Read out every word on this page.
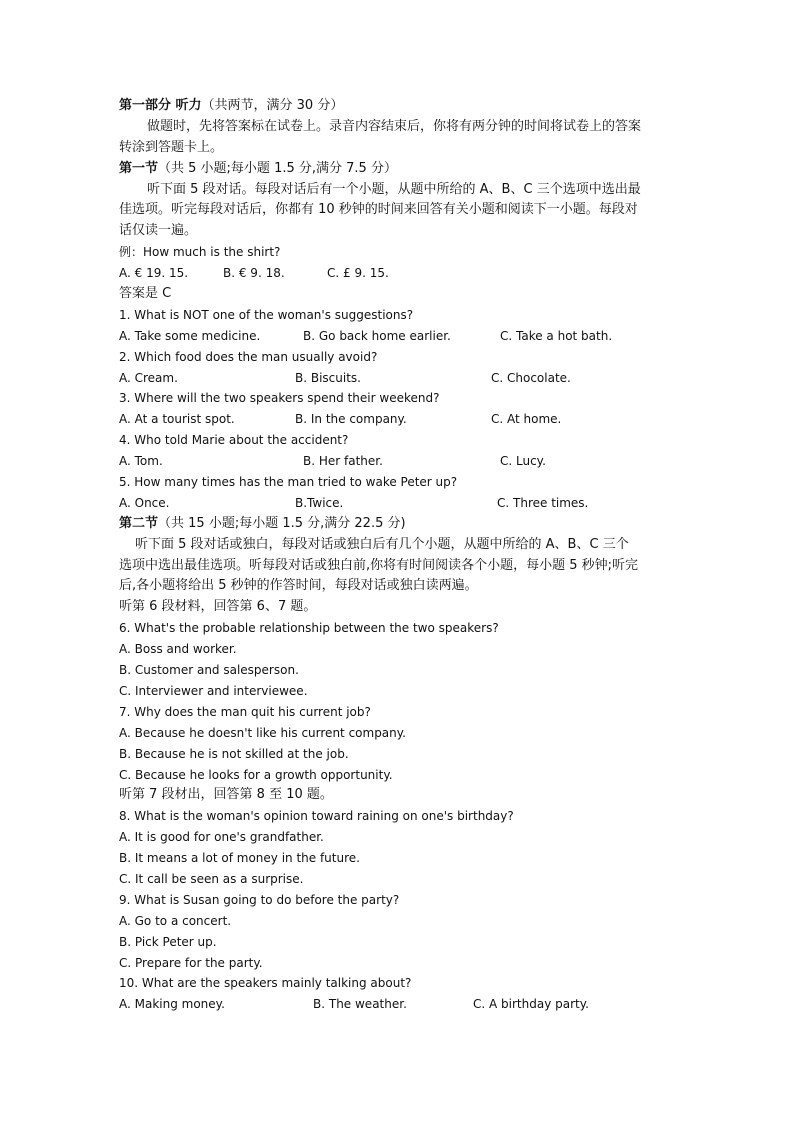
第一部分 听力（共两节，满分 30 分）
做题时，先将答案标在试卷上。录音内容结束后，你将有两分钟的时间将试卷上的答案
转涂到答题卡上。
第一节（共 5 小题;每小题 1.5 分,满分 7.5 分）
听下面 5 段对话。每段对话后有一个小题，从题中所给的 A、B、C 三个选项中选出最
佳选项。听完每段对话后，你都有 10 秒钟的时间来回答有关小题和阅读下一小题。每段对
话仅读一遍。
例：How much is the shirt?
A. € 19. 15.	B. € 9. 18.	C. £ 9. 15.
答案是 C
1. What is NOT one of the woman's suggestions?
A. Take some medicine.	B. Go back home earlier.	C. Take a hot bath.
2. Which food does the man usually avoid?
A. Cream.	B. Biscuits.	C. Chocolate.
3. Where will the two speakers spend their weekend?
A. At a tourist spot.	B. In the company.	C. At home.
4. Who told Marie about the accident?
A. Tom.	B. Her father.	C. Lucy.
5. How many times has the man tried to wake Peter up?
A. Once.	B.Twice.	C. Three times.
第二节（共 15 小题;每小题 1.5 分,满分 22.5 分)
听下面 5 段对话或独白，每段对话或独白后有几个小题，从题中所给的 A、B、C 三个
选项中选出最佳选项。听每段对话或独白前,你将有时间阅读各个小题，每小题 5 秒钟;听完
后,各小题将给出 5 秒钟的作答时间，每段对话或独白读两遍。
听第 6 段材料，回答第 6、7 题。
6. What's the probable relationship between the two speakers?
A. Boss and worker.
B. Customer and salesperson.
C. Interviewer and interviewee.
7. Why does the man quit his current job?
A. Because he doesn't like his current company.
B. Because he is not skilled at the job.
C. Because he looks for a growth opportunity.
听第 7 段材出，回答第 8 至 10 题。
8. What is the woman's opinion toward raining on one's birthday?
A. It is good for one's grandfather.
B. It means a lot of money in the future.
C. It call be seen as a surprise.
9. What is Susan going to do before the party?
A. Go to a concert.
B. Pick Peter up.
C. Prepare for the party.
10. What are the speakers mainly talking about?
A. Making money.	B. The weather.	C. A birthday party.
